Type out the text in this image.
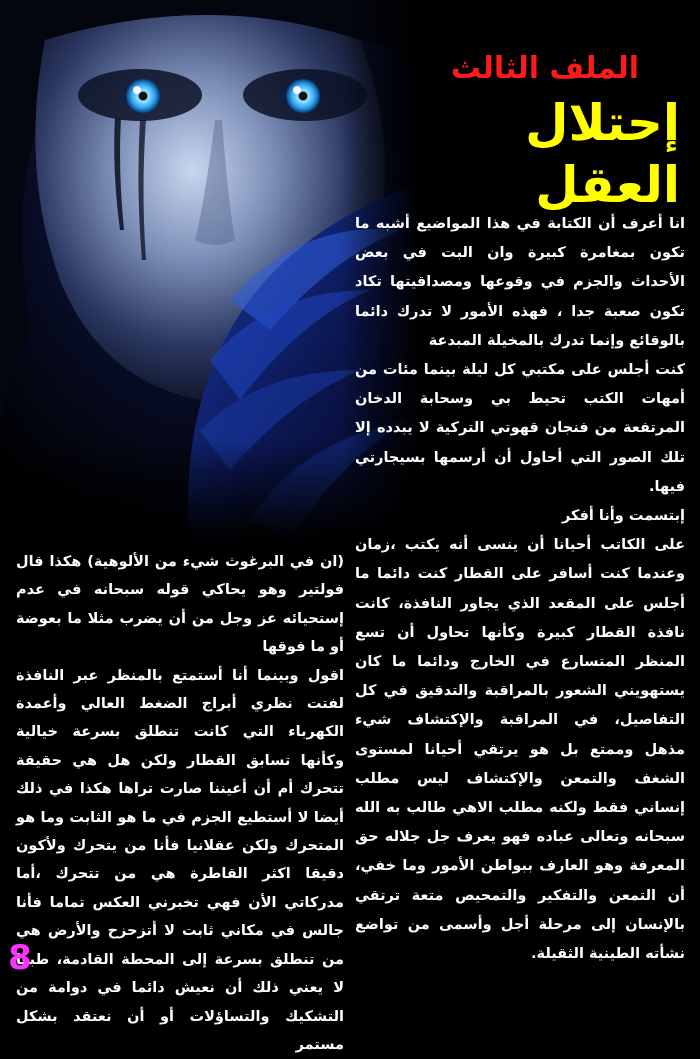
الملف الثالث
إحتلال العقل

انا أعرف أن الكتابة في هذا المواضيع أشبه ما تكون بمغامرة كبيرة وان البت في بعض الأحداث والجزم في وقوعها ومصداقيتها تكاد تكون صعبة جدا ، فهذه الأمور لا تدرك دائما بالوقائع وإنما تدرك بالمخيلة المبدعة

كنت أجلس على مكتبي كل ليلة بينما مئات من أمهات الكتب تحيط بي وسحابة الدخان المرتفعة من فنجان قهوتي التركية لا يبدده إلا تلك الصور التي أحاول أن أرسمها بسيجارتي فيها.

إبتسمت وأنا أفكر

على الكاتب أحيانا أن ينسى أنه يكتب ،زمان وعندما كنت أسافر على القطار كنت دائما ما أجلس على المقعد الذي يجاور النافذة، كانت نافذة القطار كبيرة وكأنها تحاول أن تسع المنظر المتسارع في الخارج ودائما ما كان يستهويني الشعور بالمراقبة والتدقيق في كل التفاصيل، في المراقبة والإكتشاف شيء مذهل وممتع بل هو يرتقي أحيانا لمستوى الشغف والتمعن والإكتشاف ليس مطلب إنساني فقط ولكنه مطلب الاهي طالب به الله سبحانه وتعالى عباده فهو يعرف جل جلاله حق المعرفة وهو العارف ببواطن الأمور وما خفي، أن التمعن والتفكير والتمحيص متعة ترتقي بالإنسان إلى مرحلة أجل وأسمى من تواضع نشأته الطينية الثقيلة.

(ان في البرغوث شيء من الألوهية) هكذا قال فولتير وهو يحاكي قوله سبحانه في عدم إستحيائه عز وجل من أن يضرب مثلا ما بعوضة أو ما فوقها

اقول وبينما أنا أستمتع بالمنظر عبر النافذة لفتت نظري أبراج الضغط العالي وأعمدة الكهرباء التي كانت تنطلق بسرعة خيالية وكأنها تسابق القطار ولكن هل هي حقيقة تتحرك أم أن أعيننا صارت تراها هكذا في ذلك أيضا لا أستطيع الجزم في ما هو الثابت وما هو المتحرك ولكن عقلانيا فأنا من يتحرك ولأكون دقيقا اكثر القاطرة هي من تتحرك ،أما مدركاتي الأن فهي تخبرني العكس تماما فأنا جالس في مكاني ثابت لا أتزحزح والأرض هي من تنطلق بسرعة إلى المحطة القادمة، طبعا لا يعني ذلك أن نعيش دائما في دوامة من التشكيك والتساؤلات أو أن نعتقد بشكل مستمر

8
